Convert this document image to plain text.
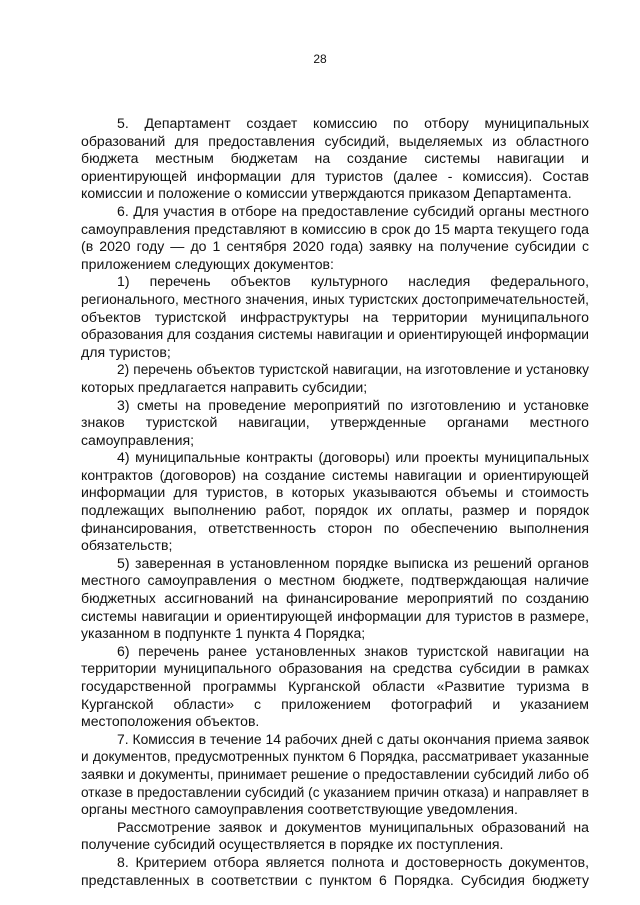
28
5. Департамент создает комиссию по отбору муниципальных
образований для предоставления субсидий, выделяемых из областного
бюджета местным бюджетам на создание системы навигации и
ориентирующей информации для туристов (далее - комиссия). Состав
комиссии и положение о комиссии утверждаются приказом Департамента.
6. Для участия в отборе на предоставление субсидий органы местного
самоуправления представляют в комиссию в срок до 15 марта текущего года
(в 2020 году — до 1 сентября 2020 года) заявку на получение субсидии с
приложением следующих документов:
1) перечень объектов культурного наследия федерального,
регионального, местного значения, иных туристских достопримечательностей,
объектов туристской инфраструктуры на территории муниципального
образования для создания системы навигации и ориентирующей информации
для туристов;
2) перечень объектов туристской навигации, на изготовление и установку
которых предлагается направить субсидии;
3) сметы на проведение мероприятий по изготовлению и установке
знаков туристской навигации, утвержденные органами местного
самоуправления;
4) муниципальные контракты (договоры) или проекты муниципальных
контрактов (договоров) на создание системы навигации и ориентирующей
информации для туристов, в которых указываются объемы и стоимость
подлежащих выполнению работ, порядок их оплаты, размер и порядок
финансирования, ответственность сторон по обеспечению выполнения
обязательств;
5) заверенная в установленном порядке выписка из решений органов
местного самоуправления о местном бюджете, подтверждающая наличие
бюджетных ассигнований на финансирование мероприятий по созданию
системы навигации и ориентирующей информации для туристов в размере,
указанном в подпункте 1 пункта 4 Порядка;
6) перечень ранее установленных знаков туристской навигации на
территории муниципального образования на средства субсидии в рамках
государственной программы Курганской области «Развитие туризма в
Курганской области» с приложением фотографий и указанием
местоположения объектов.
7. Комиссия в течение 14 рабочих дней с даты окончания приема заявок
и документов, предусмотренных пунктом 6 Порядка, рассматривает указанные
заявки и документы, принимает решение о предоставлении субсидий либо об
отказе в предоставлении субсидий (с указанием причин отказа) и направляет в
органы местного самоуправления соответствующие уведомления.
Рассмотрение заявок и документов муниципальных образований на
получение субсидий осуществляется в порядке их поступления.
8. Критерием отбора является полнота и достоверность документов,
представленных в соответствии с пунктом 6 Порядка. Субсидия бюджету
